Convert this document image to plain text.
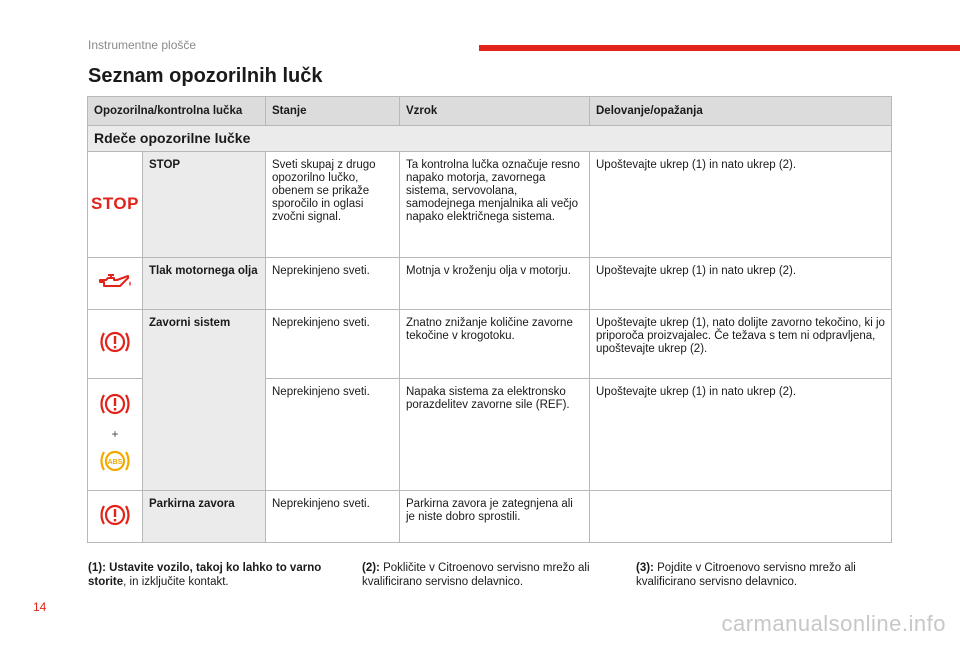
Instrumentne plošče
Seznam opozorilnih lučk
Opozorilna/kontrolna lučka		Stanje	Vzrok	Delovanje/opažanja
Rdeče opozorilne lučke				
STOP	STOP	Sveti skupaj z drugo opozorilno lučko, obenem se prikaže sporočilo in oglasi zvočni signal.	Ta kontrolna lučka označuje resno napako motorja, zavornega sistema, servovolana, samodejnega menjalnika ali večjo napako električnega sistema.	Upoštevajte ukrep (1) in nato ukrep (2).
	Tlak motornega olja	Neprekinjeno sveti.	Motnja v kroženju olja v motorju.	Upoštevajte ukrep (1) in nato ukrep (2).
	Zavorni sistem	Neprekinjeno sveti.	Znatno znižanje količine zavorne tekočine v krogotoku.	Upoštevajte ukrep (1), nato dolijte zavorno tekočino, ki jo priporoča proizvajalec. Če težava s tem ni odpravljena, upoštevajte ukrep (2).

+
ABS		Neprekinjeno sveti.	Napaka sistema za elektronsko porazdelitev zavorne sile (REF).	Upoštevajte ukrep (1) in nato ukrep (2).
	Parkirna zavora	Neprekinjeno sveti.	Parkirna zavora je zategnjena ali je niste dobro sprostili.	
(1): Ustavite vozilo, takoj ko lahko to varno storite, in izključite kontakt.
(2): Pokličite v Citroenovo servisno mrežo ali kvalificirano servisno delavnico.
(3): Pojdite v Citroenovo servisno mrežo ali kvalificirano servisno delavnico.
14
carmanualsonline.info
